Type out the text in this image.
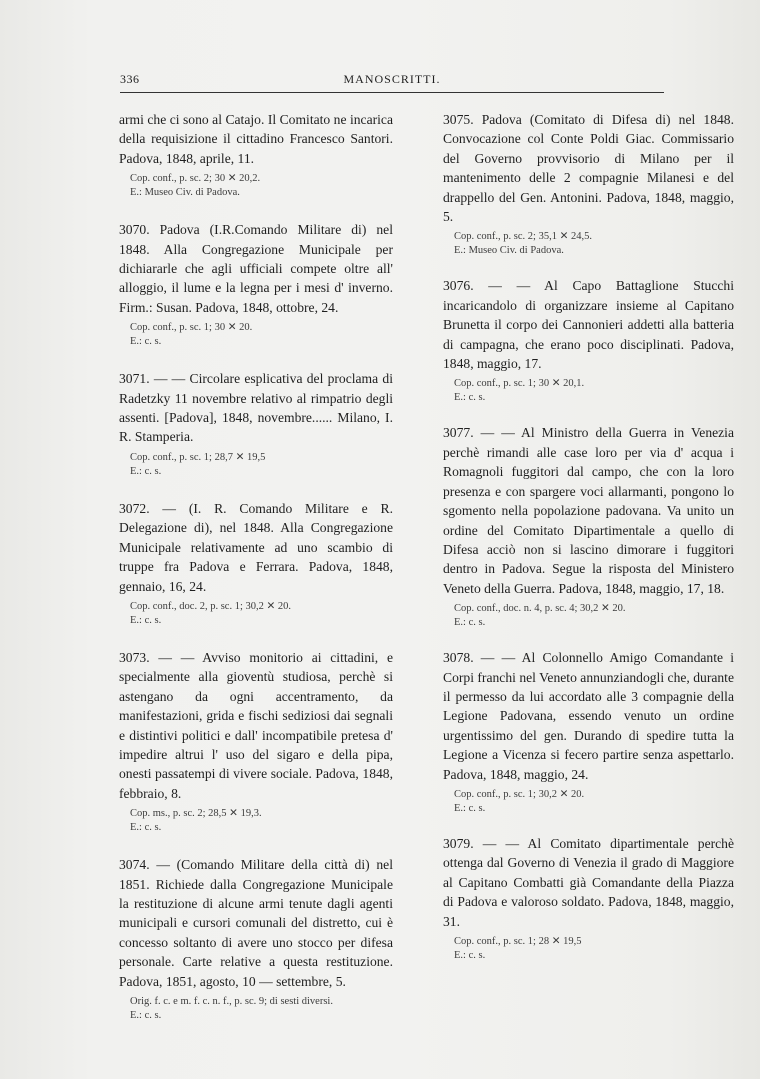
336	MANOSCRITTI.

armi che ci sono al Catajo. Il Comitato ne incarica della requisizione il cittadino Francesco Santori. Padova, 1848, aprile, 11.

Cop. conf., p. sc. 2; 30 ✕ 20,2.
E.: Museo Civ. di Padova.

3070. Padova (I.R.Comando Militare di) nel 1848. Alla Congregazione Municipale per dichiararle che agli ufficiali compete oltre all' alloggio, il lume e la legna per i mesi d' inverno. Firm.: Susan. Padova, 1848, ottobre, 24.

Cop. conf., p. sc. 1; 30 ✕ 20.
E.: c. s.

3071. — — Circolare esplicativa del proclama di Radetzky 11 novembre relativo al rimpatrio degli assenti. [Padova], 1848, novembre...... Milano, I. R. Stamperia.

Cop. conf., p. sc. 1; 28,7 ✕ 19,5
E.: c. s.

3072. — (I. R. Comando Militare e R. Delegazione di), nel 1848. Alla Congregazione Municipale relativamente ad uno scambio di truppe fra Padova e Ferrara. Padova, 1848, gennaio, 16, 24.

Cop. conf., doc. 2, p. sc. 1; 30,2 ✕ 20.
E.: c. s.

3073. — — Avviso monitorio ai cittadini, e specialmente alla gioventù studiosa, perchè si astengano da ogni accentramento, da manifestazioni, grida e fischi sediziosi dai segnali e distintivi politici e dall' incompatibile pretesa d' impedire altrui l' uso del sigaro e della pipa, onesti passatempi di vivere sociale. Padova, 1848, febbraio, 8.

Cop. ms., p. sc. 2; 28,5 ✕ 19,3.
E.: c. s.

3074. — (Comando Militare della città di) nel 1851. Richiede dalla Congregazione Municipale la restituzione di alcune armi tenute dagli agenti municipali e cursori comunali del distretto, cui è concesso soltanto di avere uno stocco per difesa personale. Carte relative a questa restituzione. Padova, 1851, agosto, 10 — settembre, 5.

Orig. f. c. e m. f. c. n. f., p. sc. 9; di sesti diversi.
E.: c. s.

3075. Padova (Comitato di Difesa di) nel 1848. Convocazione col Conte Poldi Giac. Commissario del Governo provvisorio di Milano per il mantenimento delle 2 compagnie Milanesi e del drappello del Gen. Antonini. Padova, 1848, maggio, 5.

Cop. conf., p. sc. 2; 35,1 ✕ 24,5.
E.: Museo Civ. di Padova.

3076. — — Al Capo Battaglione Stucchi incaricandolo di organizzare insieme al Capitano Brunetta il corpo dei Cannonieri addetti alla batteria di campagna, che erano poco disciplinati. Padova, 1848, maggio, 17.

Cop. conf., p. sc. 1; 30 ✕ 20,1.
E.: c. s.

3077. — — Al Ministro della Guerra in Venezia perchè rimandi alle case loro per via d' acqua i Romagnoli fuggitori dal campo, che con la loro presenza e con spargere voci allarmanti, pongono lo sgomento nella popolazione padovana. Va unito un ordine del Comitato Dipartimentale a quello di Difesa acciò non si lascino dimorare i fuggitori dentro in Padova. Segue la risposta del Ministero Veneto della Guerra. Padova, 1848, maggio, 17, 18.

Cop. conf., doc. n. 4, p. sc. 4; 30,2 ✕ 20.
E.: c. s.

3078. — — Al Colonnello Amigo Comandante i Corpi franchi nel Veneto annunziandogli che, durante il permesso da lui accordato alle 3 compagnie della Legione Padovana, essendo venuto un ordine urgentissimo del gen. Durando di spedire tutta la Legione a Vicenza si fecero partire senza aspettarlo. Padova, 1848, maggio, 24.

Cop. conf., p. sc. 1; 30,2 ✕ 20.
E.: c. s.

3079. — — Al Comitato dipartimentale perchè ottenga dal Governo di Venezia il grado di Maggiore al Capitano Combatti già Comandante della Piazza di Padova e valoroso soldato. Padova, 1848, maggio, 31.

Cop. conf., p. sc. 1; 28 ✕ 19,5
E.: c. s.
